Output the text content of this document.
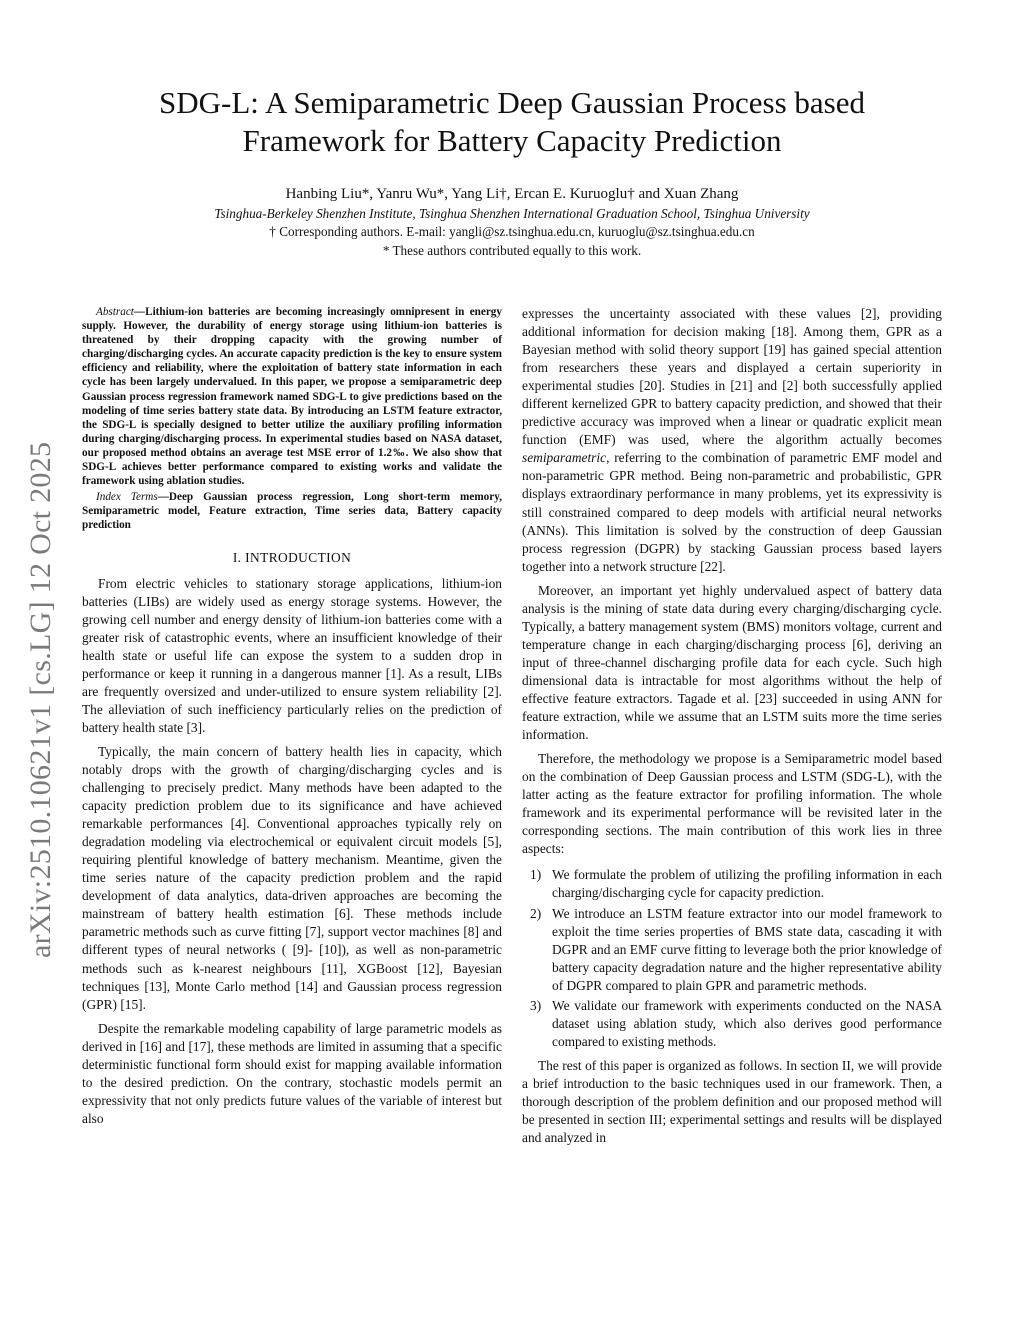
SDG-L: A Semiparametric Deep Gaussian Process based
Framework for Battery Capacity Prediction
Hanbing Liu*, Yanru Wu*, Yang Li†, Ercan E. Kuruoglu† and Xuan Zhang
Tsinghua-Berkeley Shenzhen Institute, Tsinghua Shenzhen International Graduation School, Tsinghua University
† Corresponding authors. E-mail: yangli@sz.tsinghua.edu.cn, kuruoglu@sz.tsinghua.edu.cn
* These authors contributed equally to this work.
arXiv:2510.10621v1 [cs.LG] 12 Oct 2025

Abstract—Lithium-ion batteries are becoming increasingly omnipresent in energy supply. However, the durability of energy storage using lithium-ion batteries is threatened by their dropping capacity with the growing number of charging/discharging cycles. An accurate capacity prediction is the key to ensure system efficiency and reliability, where the exploitation of battery state information in each cycle has been largely undervalued. In this paper, we propose a semiparametric deep Gaussian process regression framework named SDG-L to give predictions based on the modeling of time series battery state data. By introducing an LSTM feature extractor, the SDG-L is specially designed to better utilize the auxiliary profiling information during charging/discharging process. In experimental studies based on NASA dataset, our proposed method obtains an average test MSE error of 1.2‰. We also show that SDG-L achieves better performance compared to existing works and validate the framework using ablation studies.

Index Terms—Deep Gaussian process regression, Long short-term memory, Semiparametric model, Feature extraction, Time series data, Battery capacity prediction

I. INTRODUCTION

From electric vehicles to stationary storage applications, lithium-ion batteries (LIBs) are widely used as energy storage systems. However, the growing cell number and energy density of lithium-ion batteries come with a greater risk of catastrophic events, where an insufficient knowledge of their health state or useful life can expose the system to a sudden drop in performance or keep it running in a dangerous manner [1]. As a result, LIBs are frequently oversized and under-utilized to ensure system reliability [2]. The alleviation of such inefficiency particularly relies on the prediction of battery health state [3].

Typically, the main concern of battery health lies in capacity, which notably drops with the growth of charging/discharging cycles and is challenging to precisely predict. Many methods have been adapted to the capacity prediction problem due to its significance and have achieved remarkable performances [4]. Conventional approaches typically rely on degradation modeling via electrochemical or equivalent circuit models [5], requiring plentiful knowledge of battery mechanism. Meantime, given the time series nature of the capacity prediction problem and the rapid development of data analytics, data-driven approaches are becoming the mainstream of battery health estimation [6]. These methods include parametric methods such as curve fitting [7], support vector machines [8] and different types of neural networks ( [9]- [10]), as well as non-parametric methods such as k-nearest neighbours [11], XGBoost [12], Bayesian techniques [13], Monte Carlo method [14] and Gaussian process regression (GPR) [15].

Despite the remarkable modeling capability of large parametric models as derived in [16] and [17], these methods are limited in assuming that a specific deterministic functional form should exist for mapping available information to the desired prediction. On the contrary, stochastic models permit an expressivity that not only predicts future values of the variable of interest but also

expresses the uncertainty associated with these values [2], providing additional information for decision making [18]. Among them, GPR as a Bayesian method with solid theory support [19] has gained special attention from researchers these years and displayed a certain superiority in experimental studies [20]. Studies in [21] and [2] both successfully applied different kernelized GPR to battery capacity prediction, and showed that their predictive accuracy was improved when a linear or quadratic explicit mean function (EMF) was used, where the algorithm actually becomes semiparametric, referring to the combination of parametric EMF model and non-parametric GPR method. Being non-parametric and probabilistic, GPR displays extraordinary performance in many problems, yet its expressivity is still constrained compared to deep models with artificial neural networks (ANNs). This limitation is solved by the construction of deep Gaussian process regression (DGPR) by stacking Gaussian process based layers together into a network structure [22].

Moreover, an important yet highly undervalued aspect of battery data analysis is the mining of state data during every charging/discharging cycle. Typically, a battery management system (BMS) monitors voltage, current and temperature change in each charging/discharging process [6], deriving an input of three-channel discharging profile data for each cycle. Such high dimensional data is intractable for most algorithms without the help of effective feature extractors. Tagade et al. [23] succeeded in using ANN for feature extraction, while we assume that an LSTM suits more the time series information.

Therefore, the methodology we propose is a Semiparametric model based on the combination of Deep Gaussian process and LSTM (SDG-L), with the latter acting as the feature extractor for profiling information. The whole framework and its experimental performance will be revisited later in the corresponding sections. The main contribution of this work lies in three aspects:

1) We formulate the problem of utilizing the profiling information in each charging/discharging cycle for capacity prediction.
2) We introduce an LSTM feature extractor into our model framework to exploit the time series properties of BMS state data, cascading it with DGPR and an EMF curve fitting to leverage both the prior knowledge of battery capacity degradation nature and the higher representative ability of DGPR compared to plain GPR and parametric methods.
3) We validate our framework with experiments conducted on the NASA dataset using ablation study, which also derives good performance compared to existing methods.

The rest of this paper is organized as follows. In section II, we will provide a brief introduction to the basic techniques used in our framework. Then, a thorough description of the problem definition and our proposed method will be presented in section III; experimental settings and results will be displayed and analyzed in
